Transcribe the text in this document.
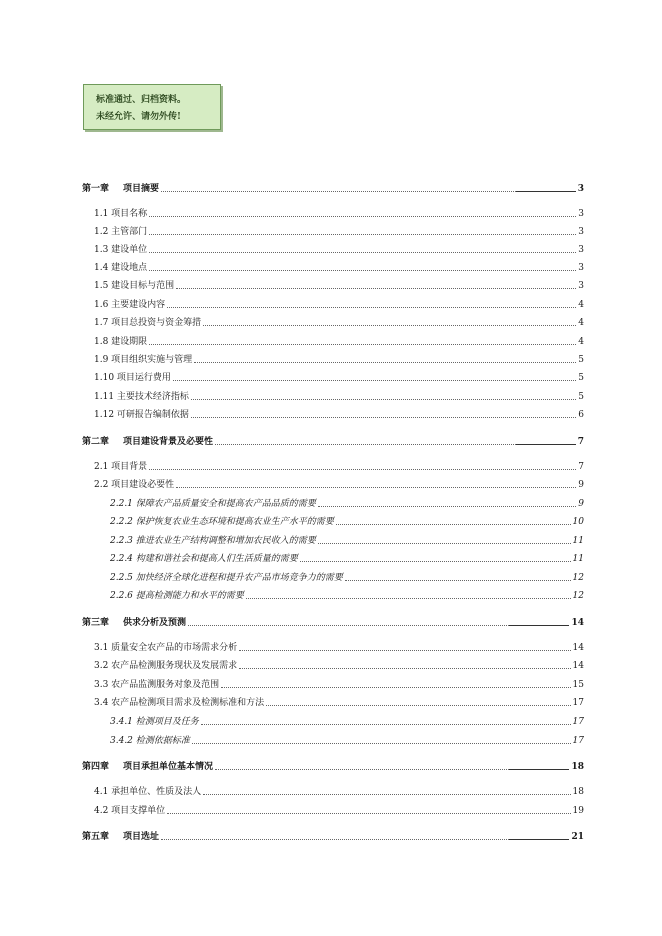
标准通过、归档资料。
未经允许、请勿外传!
第一章 项目摘要	3
1.1 项目名称	3
1.2 主管部门	3
1.3 建设单位	3
1.4 建设地点	3
1.5 建设目标与范围	3
1.6 主要建设内容	4
1.7 项目总投资与资金筹措	4
1.8 建设期限	4
1.9 项目组织实施与管理	5
1.10 项目运行费用	5
1.11 主要技术经济指标	5
1.12 可研报告编制依据	6
第二章 项目建设背景及必要性	7
2.1 项目背景	7
2.2 项目建设必要性	9
2.2.1 保障农产品质量安全和提高农产品品质的需要	9
2.2.2 保护恢复农业生态环境和提高农业生产水平的需要	10
2.2.3 推进农业生产结构调整和增加农民收入的需要	11
2.2.4 构建和谐社会和提高人们生活质量的需要	11
2.2.5 加快经济全球化进程和提升农产品市场竞争力的需要	12
2.2.6 提高检测能力和水平的需要	12
第三章 供求分析及预测	14
3.1 质量安全农产品的市场需求分析	14
3.2 农产品检测服务现状及发展需求	14
3.3 农产品监测服务对象及范围	15
3.4 农产品检测项目需求及检测标准和方法	17
3.4.1 检测项目及任务	17
3.4.2 检测依据标准	17
第四章 项目承担单位基本情况	18
4.1 承担单位、性质及法人	18
4.2 项目支撑单位	19
第五章 项目选址	21
